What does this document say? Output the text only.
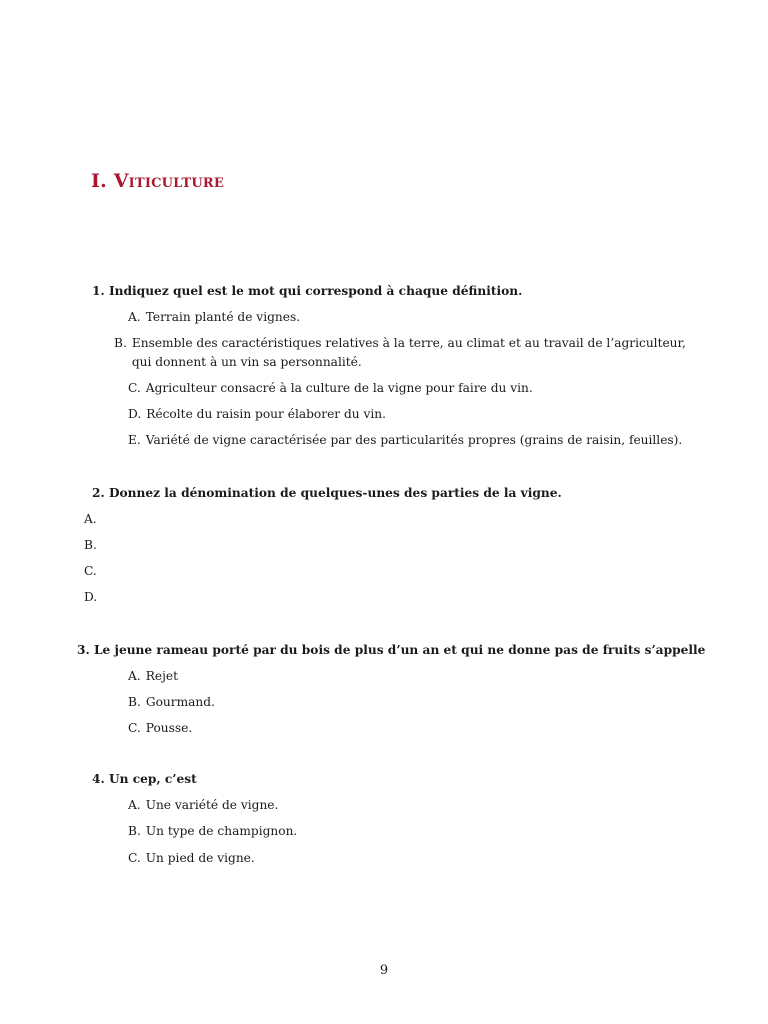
I. Viticulture
1. Indiquez quel est le mot qui correspond à chaque définition.
A. Terrain planté de vignes.
B. Ensemble des caractéristiques relatives à la terre, au climat et au travail de l’agriculteur,
qui donnent à un vin sa personnalité.
C. Agriculteur consacré à la culture de la vigne pour faire du vin.
D. Récolte du raisin pour élaborer du vin.
E. Variété de vigne caractérisée par des particularités propres (grains de raisin, feuilles).
2. Donnez la dénomination de quelques-unes des parties de la vigne.
A.
B.
C.
D.
3. Le jeune rameau porté par du bois de plus d’un an et qui ne donne pas de fruits s’appelle
A. Rejet
B. Gourmand.
C. Pousse.
4. Un cep, c’est
A. Une variété de vigne.
B. Un type de champignon.
C. Un pied de vigne.
9
